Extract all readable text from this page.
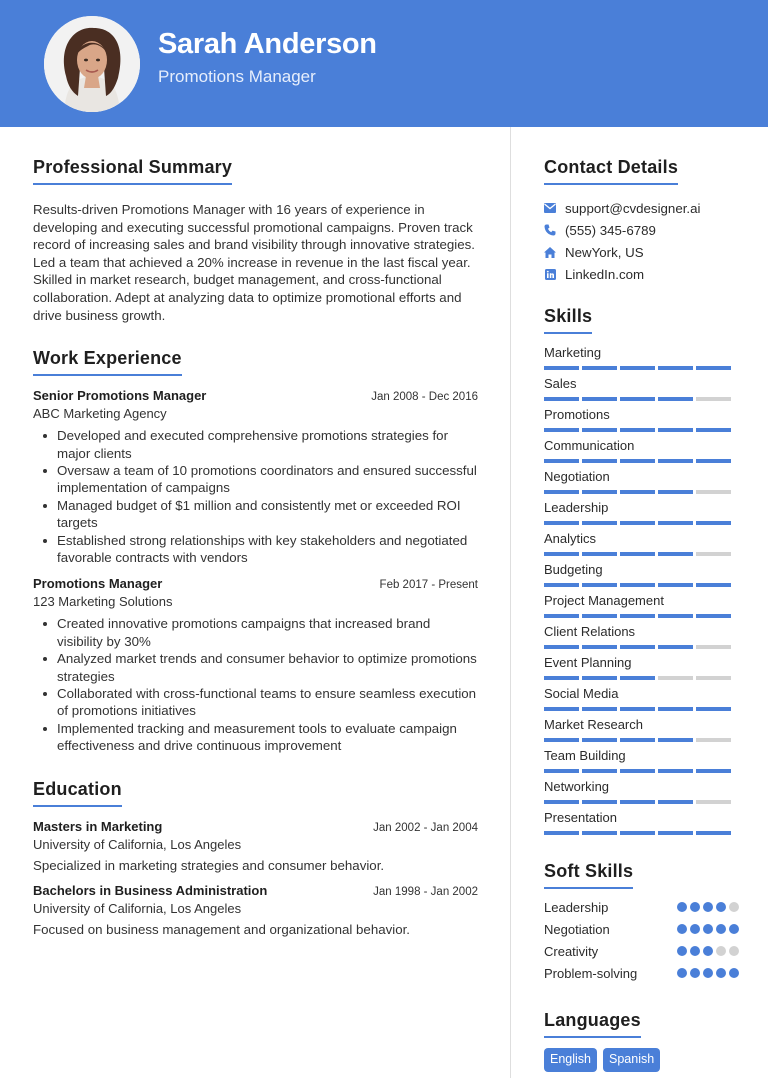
Sarah Anderson
Promotions Manager
Professional Summary

Results-driven Promotions Manager with 16 years of experience in developing and executing successful promotional campaigns. Proven track record of increasing sales and brand visibility through innovative strategies. Led a team that achieved a 20% increase in revenue in the last fiscal year. Skilled in market research, budget management, and cross-functional collaboration. Adept at analyzing data to optimize promotional efforts and drive business growth.

Work Experience
Senior Promotions Manager	Jan 2008 - Dec 2016
ABC Marketing Agency
Developed and executed comprehensive promotions strategies for major clients
Oversaw a team of 10 promotions coordinators and ensured successful implementation of campaigns
Managed budget of $1 million and consistently met or exceeded ROI targets
Established strong relationships with key stakeholders and negotiated favorable contracts with vendors
Promotions Manager	Feb 2017 - Present
123 Marketing Solutions
Created innovative promotions campaigns that increased brand visibility by 30%
Analyzed market trends and consumer behavior to optimize promotions strategies
Collaborated with cross-functional teams to ensure seamless execution of promotions initiatives
Implemented tracking and measurement tools to evaluate campaign effectiveness and drive continuous improvement
Education
Masters in Marketing	Jan 2002 - Jan 2004
University of California, Los Angeles
Specialized in marketing strategies and consumer behavior.
Bachelors in Business Administration	Jan 1998 - Jan 2002
University of California, Los Angeles
Focused on business management and organizational behavior.
Contact Details
support@cvdesigner.ai
(555) 345-6789
NewYork, US
LinkedIn.com
Skills
Marketing
Sales
Promotions
Communication
Negotiation
Leadership
Analytics
Budgeting
Project Management
Client Relations
Event Planning
Social Media
Market Research
Team Building
Networking
Presentation
Soft Skills
Leadership
Negotiation
Creativity
Problem-solving
Languages
English	Spanish
